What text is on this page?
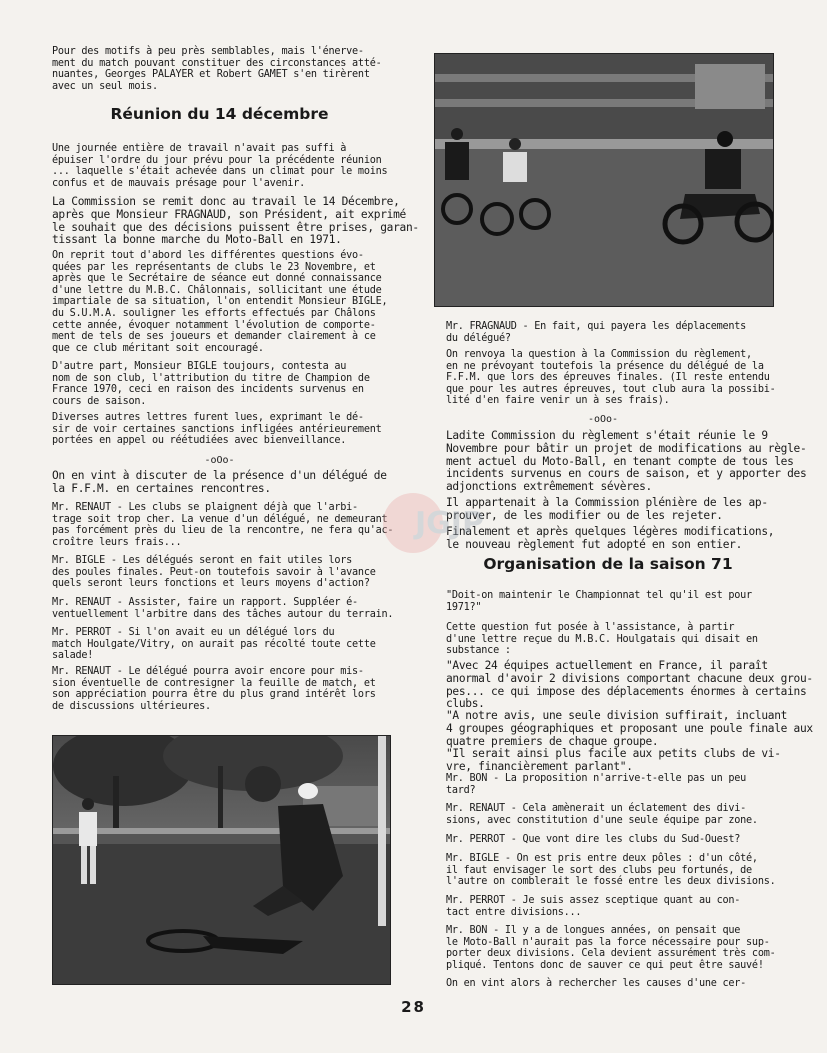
Pour des motifs à peu près semblables, mais l'énerve-
ment du match pouvant constituer des circonstances atté-
nuantes, Georges PALAYER et Robert GAMET s'en tirèrent
avec un seul mois.

Réunion du 14 décembre

Une journée entière de travail n'avait pas suffi à
épuiser l'ordre du jour prévu pour la précédente réunion
... laquelle s'était achevée dans un climat pour le moins
confus et de mauvais présage pour l'avenir.

La Commission se remit donc au travail le 14 Décembre,
après que Monsieur FRAGNAUD, son Président, ait exprimé
le souhait que des décisions puissent être prises, garan-
tissant la bonne marche du Moto-Ball en 1971.

On reprit tout d'abord les différentes questions évo-
quées par les représentants de clubs le 23 Novembre, et
après que le Secrétaire de séance eut donné connaissance
d'une lettre du M.B.C. Châlonnais, sollicitant une étude
impartiale de sa situation, l'on entendit Monsieur BIGLE,
du S.U.M.A. souligner les efforts effectués par Châlons
cette année, évoquer notamment l'évolution de comporte-
ment de tels de ses joueurs et demander clairement à ce
que ce club méritant soit encouragé.

D'autre part, Monsieur BIGLE toujours, contesta au
nom de son club, l'attribution du titre de Champion de
France 1970, ceci en raison des incidents survenus en
cours de saison.

Diverses autres lettres furent lues, exprimant le dé-
sir de voir certaines sanctions infligées antérieurement
portées en appel ou réétudiées avec bienveillance.

-oOo-

On en vint à discuter de la présence d'un délégué de
la F.F.M. en certaines rencontres.

Mr. RENAUT - Les clubs se plaignent déjà que l'arbi-
trage soit trop cher. La venue d'un délégué, ne demeurant
pas forcément près du lieu de la rencontre, ne fera qu'ac-
croître leurs frais...

Mr. BIGLE - Les délégués seront en fait utiles lors
des poules finales. Peut-on toutefois savoir à l'avance
quels seront leurs fonctions et leurs moyens d'action?

Mr. RENAUT - Assister, faire un rapport. Suppléer é-
ventuellement l'arbitre dans des tâches autour du terrain.

Mr. PERROT - Si l'on avait eu un délégué lors du
match Houlgate/Vitry, on aurait pas récolté toute cette
salade!

Mr. RENAUT - Le délégué pourra avoir encore pour mis-
sion éventuelle de contresigner la feuille de match, et
son appréciation pourra être du plus grand intérêt lors
de discussions ultérieures.

Mr. FRAGNAUD - En fait, qui payera les déplacements
du délégué?

On renvoya la question à la Commission du règlement,
en ne prévoyant toutefois la présence du délégué de la
F.F.M. que lors des épreuves finales. (Il reste entendu
que pour les autres épreuves, tout club aura la possibi-
lité d'en faire venir un à ses frais).

-oOo-

Ladite Commission du règlement s'était réunie le 9
Novembre pour bâtir un projet de modifications au règle-
ment actuel du Moto-Ball, en tenant compte de tous les
incidents survenus en cours de saison, et y apporter des
adjonctions extrêmement sévères.

Il appartenait à la Commission plénière de les ap-
prouver, de les modifier ou de les rejeter.

Finalement et après quelques légères modifications,
le nouveau règlement fut adopté en son entier.

Organisation de la saison 71

"Doit-on maintenir le Championnat tel qu'il est pour
1971?"

Cette question fut posée à l'assistance, à partir
d'une lettre reçue du M.B.C. Houlgatais qui disait en
substance :

"Avec 24 équipes actuellement en France, il paraît
anormal d'avoir 2 divisions comportant chacune deux grou-
pes... ce qui impose des déplacements énormes à certains
clubs.

"A notre avis, une seule division suffirait, incluant
4 groupes géographiques et proposant une poule finale aux
quatre premiers de chaque groupe.

"Il serait ainsi plus facile aux petits clubs de vi-
vre, financièrement parlant".

Mr. BON - La proposition n'arrive-t-elle pas un peu
tard?

Mr. RENAUT - Cela amènerait un éclatement des divi-
sions, avec constitution d'une seule équipe par zone.

Mr. PERROT - Que vont dire les clubs du Sud-Ouest?

Mr. BIGLE - On est pris entre deux pôles : d'un côté,
il faut envisager le sort des clubs peu fortunés, de
l'autre on comblerait le fossé entre les deux divisions.

Mr. PERROT - Je suis assez sceptique quant au con-
tact entre divisions...

Mr. BON - Il y a de longues années, on pensait que
le Moto-Ball n'aurait pas la force nécessaire pour sup-
porter deux divisions. Cela devient assurément très com-
pliqué. Tentons donc de sauver ce qui peut être sauvé!

On en vint alors à rechercher les causes d'une cer-

JGJP
28
